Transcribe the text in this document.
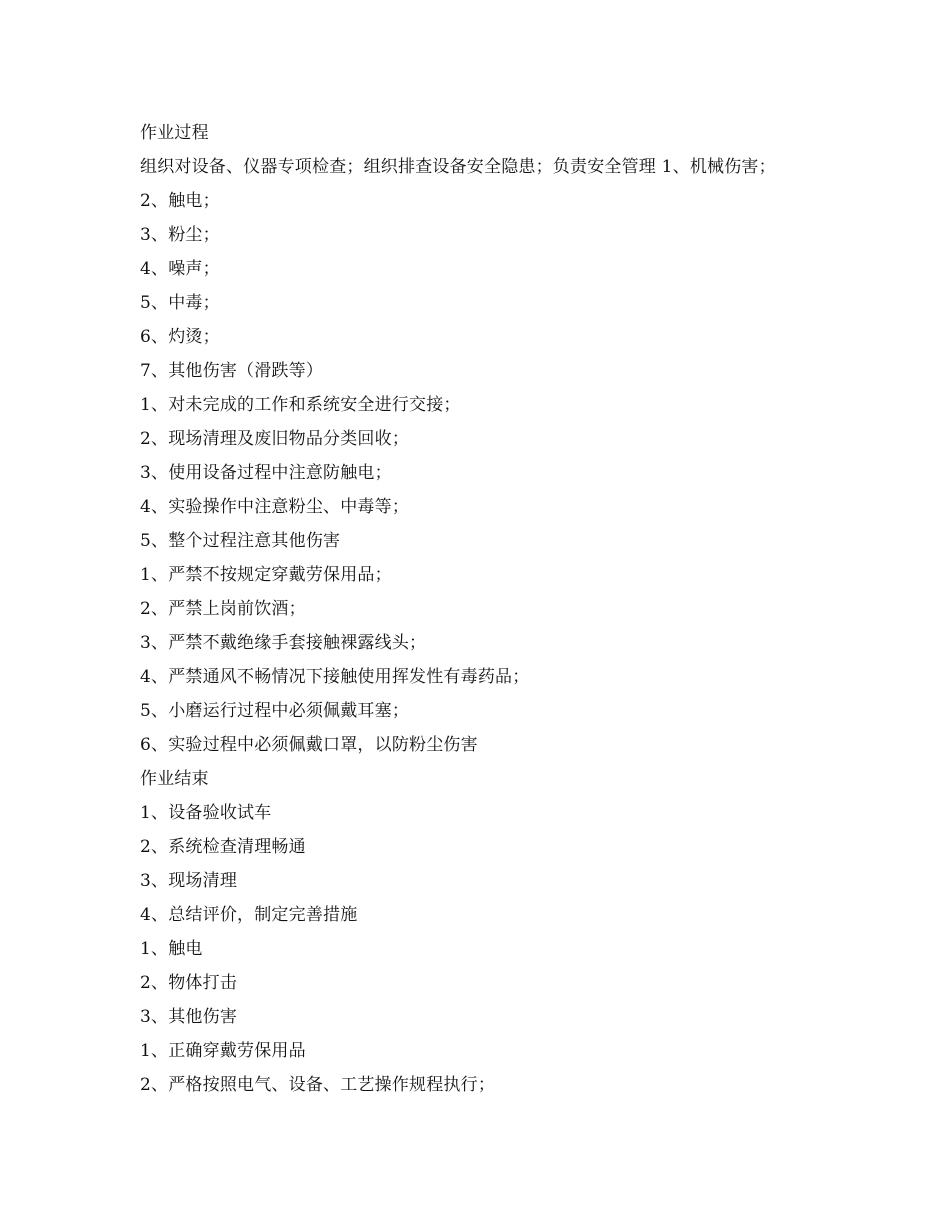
作业过程
组织对设备、仪器专项检查；组织排查设备安全隐患；负责安全管理 1、机械伤害；
2、触电；
3、粉尘；
4、噪声；
5、中毒；
6、灼烫；
7、其他伤害（滑跌等）
1、对未完成的工作和系统安全进行交接；
2、现场清理及废旧物品分类回收；
3、使用设备过程中注意防触电；
4、实验操作中注意粉尘、中毒等；
5、整个过程注意其他伤害
1、严禁不按规定穿戴劳保用品；
2、严禁上岗前饮酒；
3、严禁不戴绝缘手套接触裸露线头；
4、严禁通风不畅情况下接触使用挥发性有毒药品；
5、小磨运行过程中必须佩戴耳塞；
6、实验过程中必须佩戴口罩，以防粉尘伤害
作业结束
1、设备验收试车
2、系统检查清理畅通
3、现场清理
4、总结评价，制定完善措施
1、触电
2、物体打击
3、其他伤害
1、正确穿戴劳保用品
2、严格按照电气、设备、工艺操作规程执行；
